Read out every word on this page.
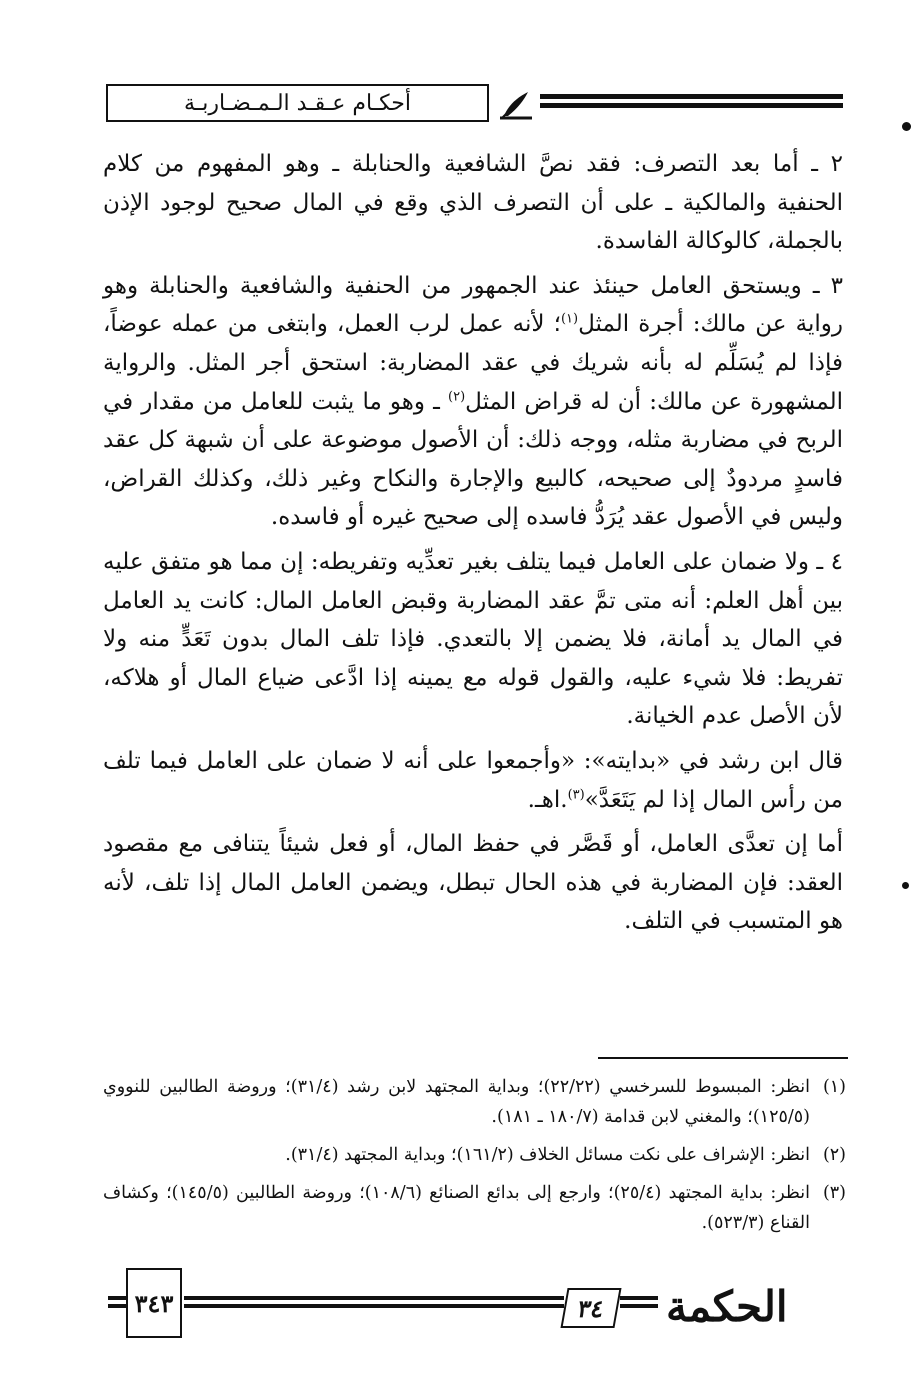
أحكـام عـقـد الـمـضـاربـة

٢ ـ أما بعد التصرف: فقد نصَّ الشافعية والحنابلة ـ وهو المفهوم من كلام الحنفية والمالكية ـ على أن التصرف الذي وقع في المال صحيح لوجود الإذن بالجملة، كالوكالة الفاسدة.

٣ ـ ويستحق العامل حينئذ عند الجمهور من الحنفية والشافعية والحنابلة وهو رواية عن مالك: أجرة المثل$^{(١)}$؛ لأنه عمل لرب العمل، وابتغى من عمله عوضاً، فإذا لم يُسَلِّم له بأنه شريك في عقد المضاربة: استحق أجر المثل. والرواية المشهورة عن مالك: أن له قراض المثل$^{(٢)}$ ـ وهو ما يثبت للعامل من مقدار في الربح في مضاربة مثله، ووجه ذلك: أن الأصول موضوعة على أن شبهة كل عقد فاسدٍ مردودٌ إلى صحيحه، كالبيع والإجارة والنكاح وغير ذلك، وكذلك القراض، وليس في الأصول عقد يُرَدُّ فاسده إلى صحيح غيره أو فاسده.

٤ ـ ولا ضمان على العامل فيما يتلف بغير تعدِّيه وتفريطه: إن مما هو متفق عليه بين أهل العلم: أنه متى تمَّ عقد المضاربة وقبض العامل المال: كانت يد العامل في المال يد أمانة، فلا يضمن إلا بالتعدي. فإذا تلف المال بدون تَعَدٍّ منه ولا تفريط: فلا شيء عليه، والقول قوله مع يمينه إذا ادَّعى ضياع المال أو هلاكه، لأن الأصل عدم الخيانة.

قال ابن رشد في «بدايته»: «وأجمعوا على أنه لا ضمان على العامل فيما تلف من رأس المال إذا لم يَتَعَدَّ»$^{(٣)}$.اهـ.

أما إن تعدَّى العامل، أو قَصَّر في حفظ المال، أو فعل شيئاً يتنافى مع مقصود العقد: فإن المضاربة في هذه الحال تبطل، ويضمن العامل المال إذا تلف، لأنه هو المتسبب في التلف.

(١)
انظر: المبسوط للسرخسي (٢٢/٢٢)؛ وبداية المجتهد لابن رشد (٣١/٤)؛ وروضة الطالبين للنووي (١٢٥/٥)؛ والمغني لابن قدامة (١٨٠/٧ ـ ١٨١).
(٢)
انظر: الإشراف على نكت مسائل الخلاف (١٦١/٢)؛ وبداية المجتهد (٣١/٤).
(٣)
انظر: بداية المجتهد (٢٥/٤)؛ وارجع إلى بدائع الصنائع (١٠٨/٦)؛ وروضة الطالبين (١٤٥/٥)؛ وكشاف القناع (٥٢٣/٣).
الحكمة
٣٤
٣٤٣
